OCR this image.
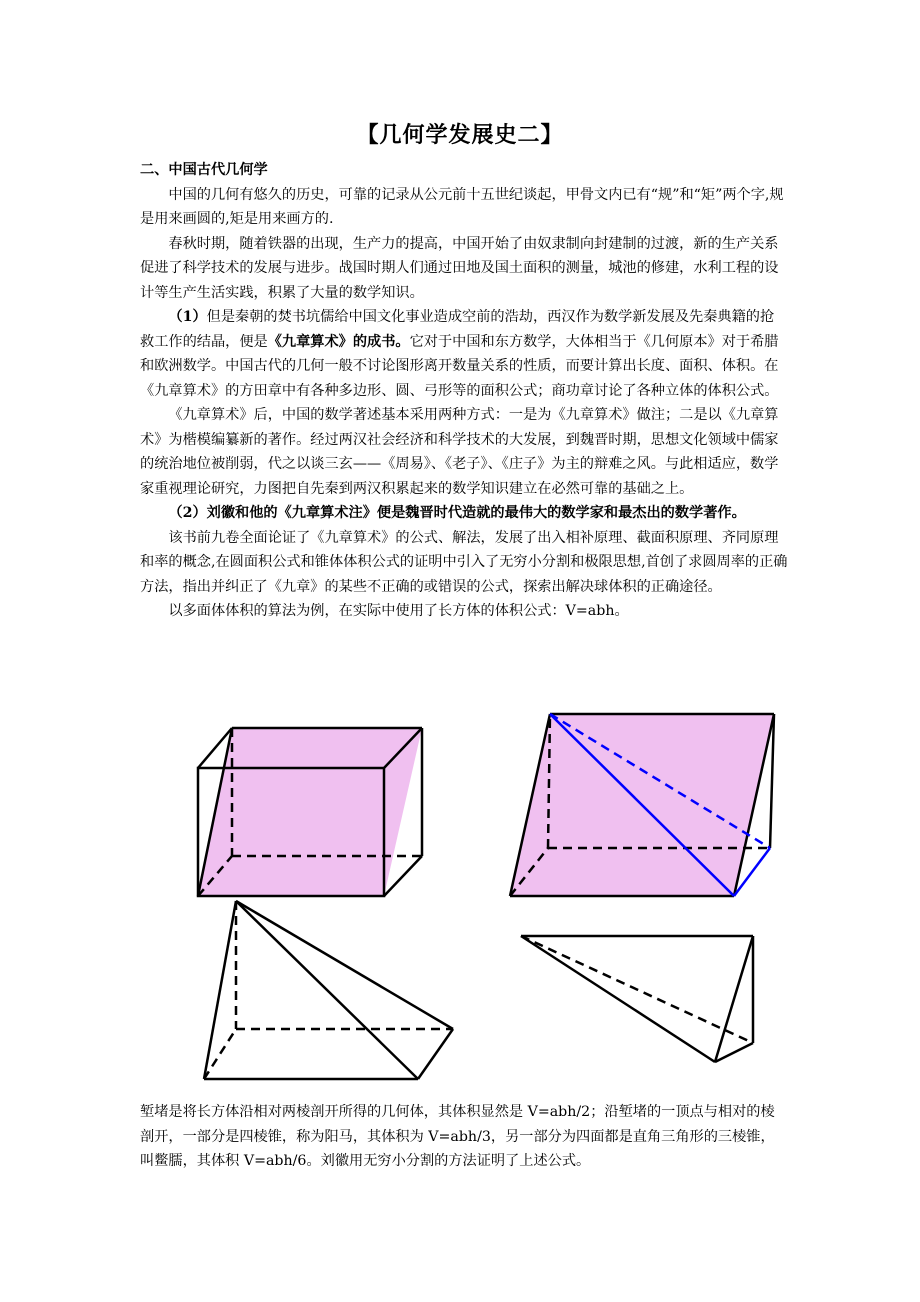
【几何学发展史二】
二、中国古代几何学
中国的几何有悠久的历史，可靠的记录从公元前十五世纪谈起，甲骨文内已有“规”和“矩”两个字,规是用来画圆的,矩是用来画方的.
春秋时期，随着铁器的出现，生产力的提高，中国开始了由奴隶制向封建制的过渡，新的生产关系促进了科学技术的发展与进步。战国时期人们通过田地及国土面积的测量，城池的修建，水利工程的设计等生产生活实践，积累了大量的数学知识。
（1）但是秦朝的焚书坑儒给中国文化事业造成空前的浩劫，西汉作为数学新发展及先秦典籍的抢救工作的结晶，便是《九章算术》的成书。它对于中国和东方数学，大体相当于《几何原本》对于希腊和欧洲数学。中国古代的几何一般不讨论图形离开数量关系的性质，而要计算出长度、面积、体积。在《九章算术》的方田章中有各种多边形、圆、弓形等的面积公式；商功章讨论了各种立体的体积公式。
《九章算术》后，中国的数学著述基本采用两种方式：一是为《九章算术》做注；二是以《九章算术》为楷模编纂新的著作。经过两汉社会经济和科学技术的大发展，到魏晋时期，思想文化领域中儒家的统治地位被削弱，代之以谈三玄——《周易》、《老子》、《庄子》为主的辩难之风。与此相适应，数学家重视理论研究，力图把自先秦到两汉积累起来的数学知识建立在必然可靠的基础之上。
（2）刘徽和他的《九章算术注》便是魏晋时代造就的最伟大的数学家和最杰出的数学著作。
该书前九卷全面论证了《九章算术》的公式、解法，发展了出入相补原理、截面积原理、齐同原理和率的概念,在圆面积公式和锥体体积公式的证明中引入了无穷小分割和极限思想,首创了求圆周率的正确方法，指出并纠正了《九章》的某些不正确的或错误的公式，探索出解决球体积的正确途径。
以多面体体积的算法为例，在实际中使用了长方体的体积公式：V=abh。
堑堵是将长方体沿相对两棱剖开所得的几何体，其体积显然是 V=abh/2；沿堑堵的一顶点与相对的棱剖开，一部分是四棱锥，称为阳马，其体积为 V=abh/3，另一部分为四面都是直角三角形的三棱锥，叫鳖臑，其体积 V=abh/6。刘徽用无穷小分割的方法证明了上述公式。
